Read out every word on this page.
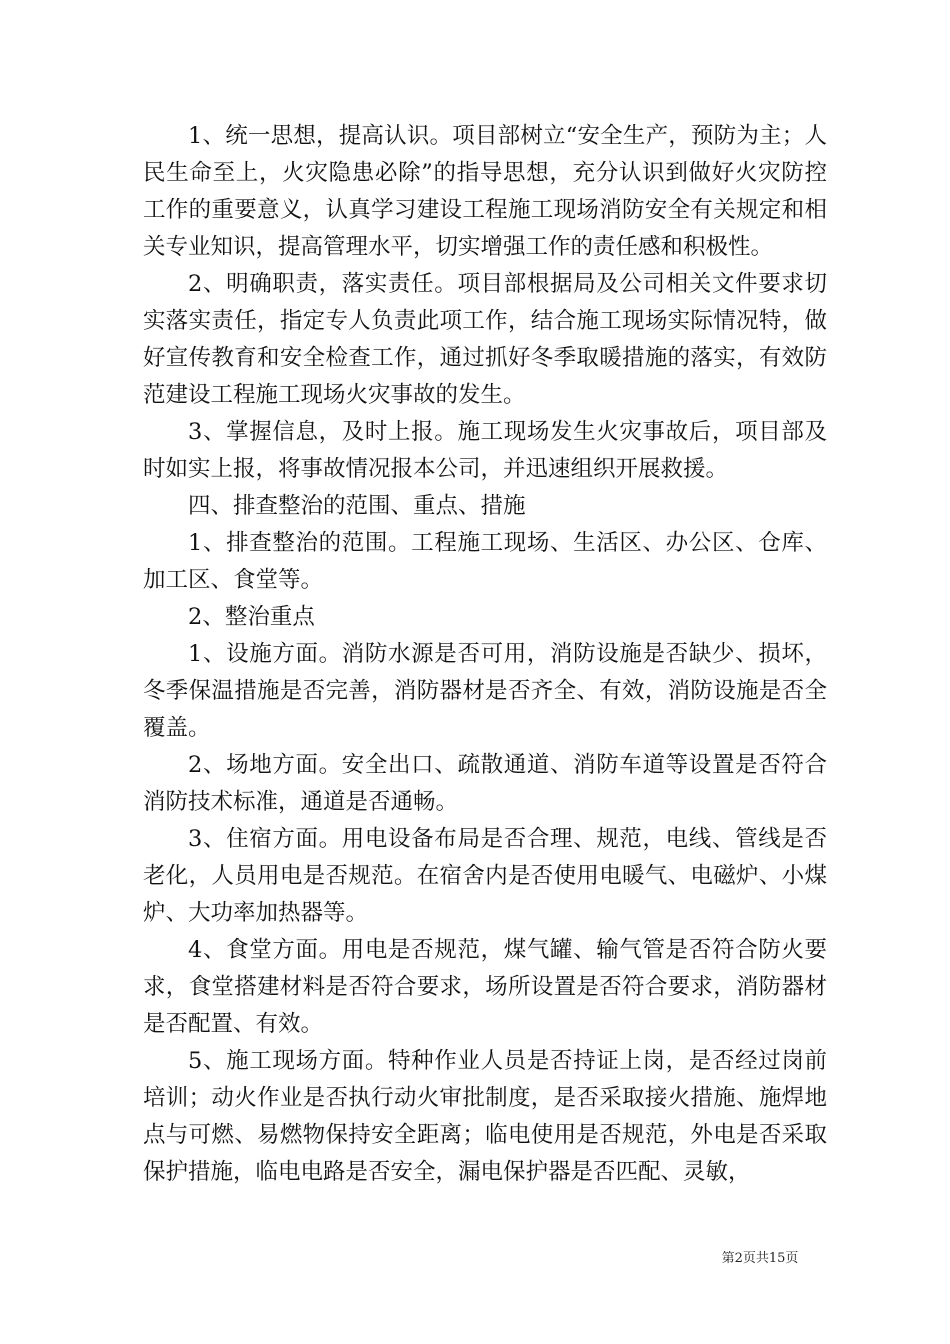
1、统一思想，提高认识。项目部树立“安全生产，预防为主；人民生命至上，火灾隐患必除”的指导思想，充分认识到做好火灾防控工作的重要意义，认真学习建设工程施工现场消防安全有关规定和相关专业知识，提高管理水平，切实增强工作的责任感和积极性。

2、明确职责，落实责任。项目部根据局及公司相关文件要求切实落实责任，指定专人负责此项工作，结合施工现场实际情况特，做好宣传教育和安全检查工作，通过抓好冬季取暖措施的落实，有效防范建设工程施工现场火灾事故的发生。

3、掌握信息，及时上报。施工现场发生火灾事故后，项目部及时如实上报，将事故情况报本公司，并迅速组织开展救援。

四、排查整治的范围、重点、措施

1、排查整治的范围。工程施工现场、生活区、办公区、仓库、加工区、食堂等。

2、整治重点

1、设施方面。消防水源是否可用，消防设施是否缺少、损坏，冬季保温措施是否完善，消防器材是否齐全、有效，消防设施是否全覆盖。

2、场地方面。安全出口、疏散通道、消防车道等设置是否符合消防技术标准，通道是否通畅。

3、住宿方面。用电设备布局是否合理、规范，电线、管线是否老化，人员用电是否规范。在宿舍内是否使用电暖气、电磁炉、小煤炉、大功率加热器等。

4、食堂方面。用电是否规范，煤气罐、输气管是否符合防火要求，食堂搭建材料是否符合要求，场所设置是否符合要求，消防器材是否配置、有效。

5、施工现场方面。特种作业人员是否持证上岗，是否经过岗前培训；动火作业是否执行动火审批制度，是否采取接火措施、施焊地点与可燃、易燃物保持安全距离；临电使用是否规范，外电是否采取保护措施，临电电路是否安全，漏电保护器是否匹配、灵敏，

第2页共15页
